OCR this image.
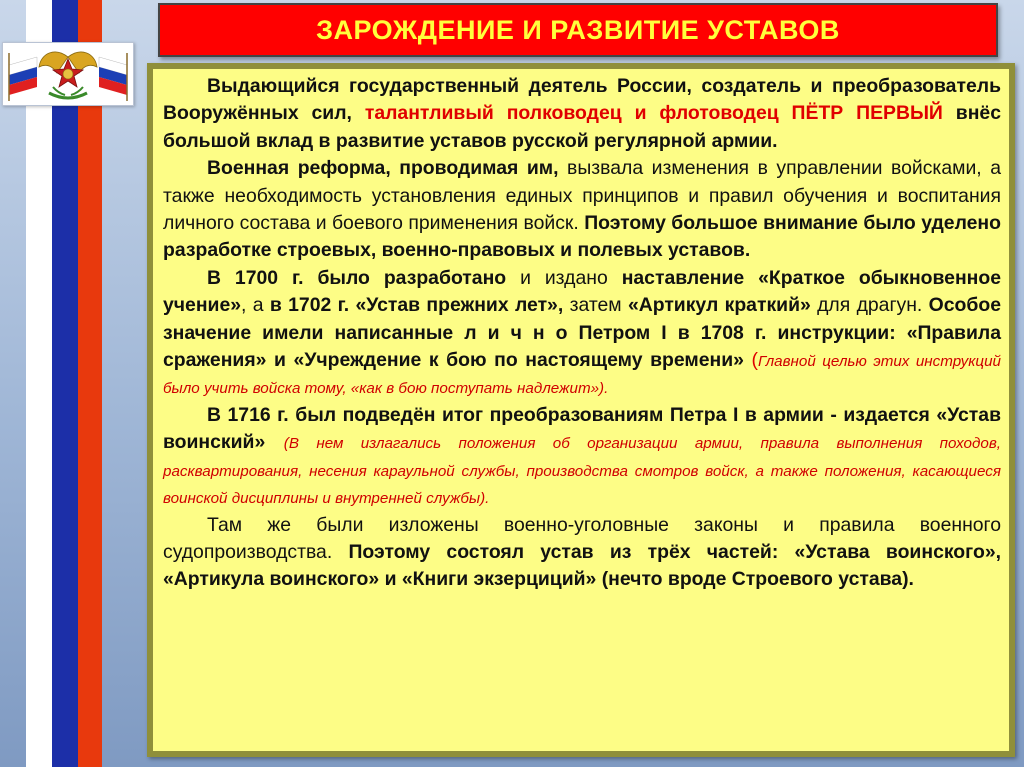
ЗАРОЖДЕНИЕ И РАЗВИТИЕ УСТАВОВ

Выдающийся государственный деятель России, создатель и преобразователь Вооружённых сил, талантливый полководец и флотоводец ПЁТР ПЕРВЫЙ внёс большой вклад в развитие уставов русской регулярной армии.

Военная реформа, проводимая им, вызвала изменения в управлении войсками, а также необходимость установления единых принципов и правил обучения и воспитания личного состава и боевого применения войск. Поэтому большое внимание было уделено разработке строевых, военно-правовых и полевых уставов.

В 1700 г. было разработано и издано наставление «Краткое обыкновенное учение», а в 1702 г. «Устав прежних лет», затем «Артикул краткий» для драгун. Особое значение имели написанные л и ч н о Петром I в 1708 г. инструкции: «Правила сражения» и «Учреждение к бою по настоящему времени» (Главной целью этих инструкций было учить войска тому, «как в бою поступать надлежит»).

В 1716 г. был подведён итог преобразованиям Петра I в армии - издается «Устав воинский» (В нем излагались положения об организации армии, правила выполнения походов, расквартирования, несения караульной службы, производства смотров войск, а также положения, касающиеся воинской дисциплины и внутренней службы).

Там же были изложены военно-уголовные законы и правила военного судопроизводства. Поэтому состоял устав из трёх частей: «Устава воинского», «Артикула воинского» и «Книги экзерциций» (нечто вроде Строевого устава).
